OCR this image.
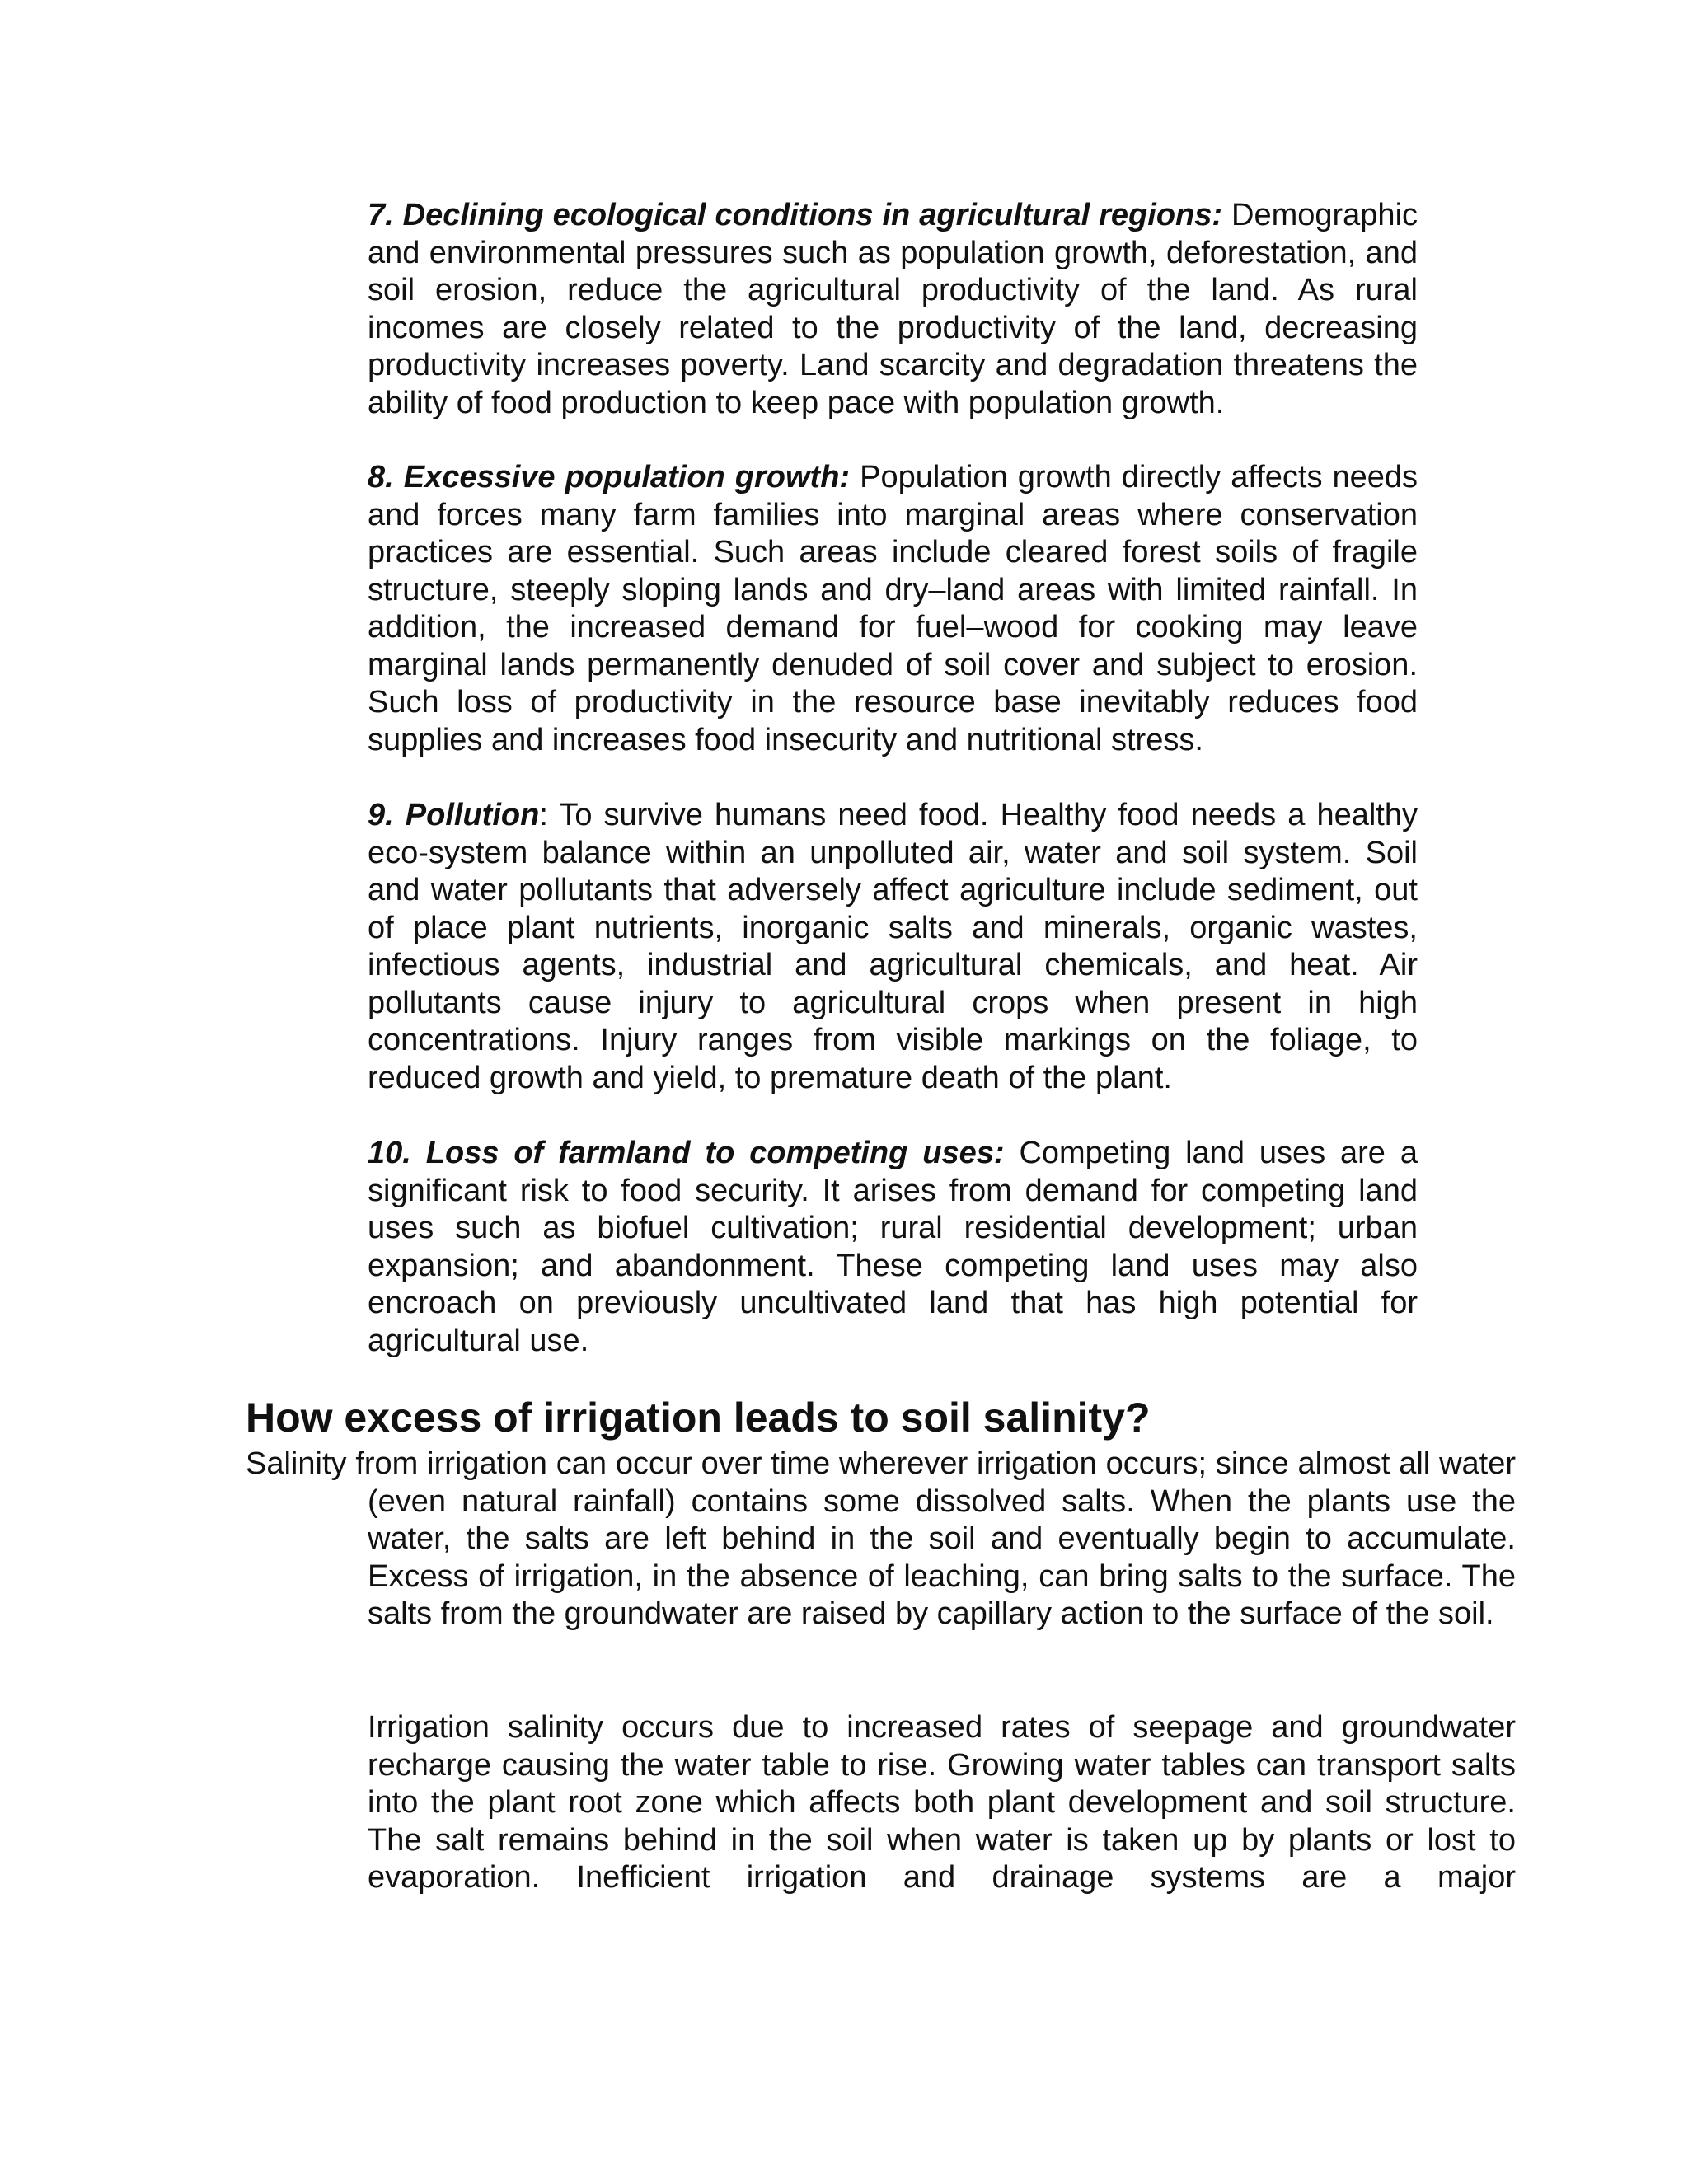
7. Declining ecological conditions in agricultural regions: Demographic and environmental pressures such as population growth, deforestation, and soil erosion, reduce the agricultural productivity of the land. As rural incomes are closely related to the productivity of the land, decreasing productivity increases poverty. Land scarcity and degradation threatens the ability of food production to keep pace with population growth.

8. Excessive population growth: Population growth directly affects needs and forces many farm families into marginal areas where conservation practices are essential. Such areas include cleared forest soils of fragile structure, steeply sloping lands and dry–land areas with limited rainfall. In addition, the increased demand for fuel–wood for cooking may leave marginal lands permanently denuded of soil cover and subject to erosion. Such loss of productivity in the resource base inevitably reduces food supplies and increases food insecurity and nutritional stress.

9. Pollution: To survive humans need food. Healthy food needs a healthy eco-system balance within an unpolluted air, water and soil system. Soil and water pollutants that adversely affect agriculture include sediment, out of place plant nutrients, inorganic salts and minerals, organic wastes, infectious agents, industrial and agricultural chemicals, and heat. Air pollutants cause injury to agricultural crops when present in high concentrations. Injury ranges from visible markings on the foliage, to reduced growth and yield, to premature death of the plant.

10. Loss of farmland to competing uses: Competing land uses are a significant risk to food security. It arises from demand for competing land uses such as biofuel cultivation; rural residential development; urban expansion; and abandonment. These competing land uses may also encroach on previously uncultivated land that has high potential for agricultural use.

How excess of irrigation leads to soil salinity?

Salinity from irrigation can occur over time wherever irrigation occurs; since almost all water (even natural rainfall) contains some dissolved salts. When the plants use the water, the salts are left behind in the soil and eventually begin to accumulate. Excess of irrigation, in the absence of leaching, can bring salts to the surface. The salts from the groundwater are raised by capillary action to the surface of the soil.

Irrigation salinity occurs due to increased rates of seepage and groundwater recharge causing the water table to rise. Growing water tables can transport salts into the plant root zone which affects both plant development and soil structure. The salt remains behind in the soil when water is taken up by plants or lost to evaporation. Inefficient irrigation and drainage systems are a major
